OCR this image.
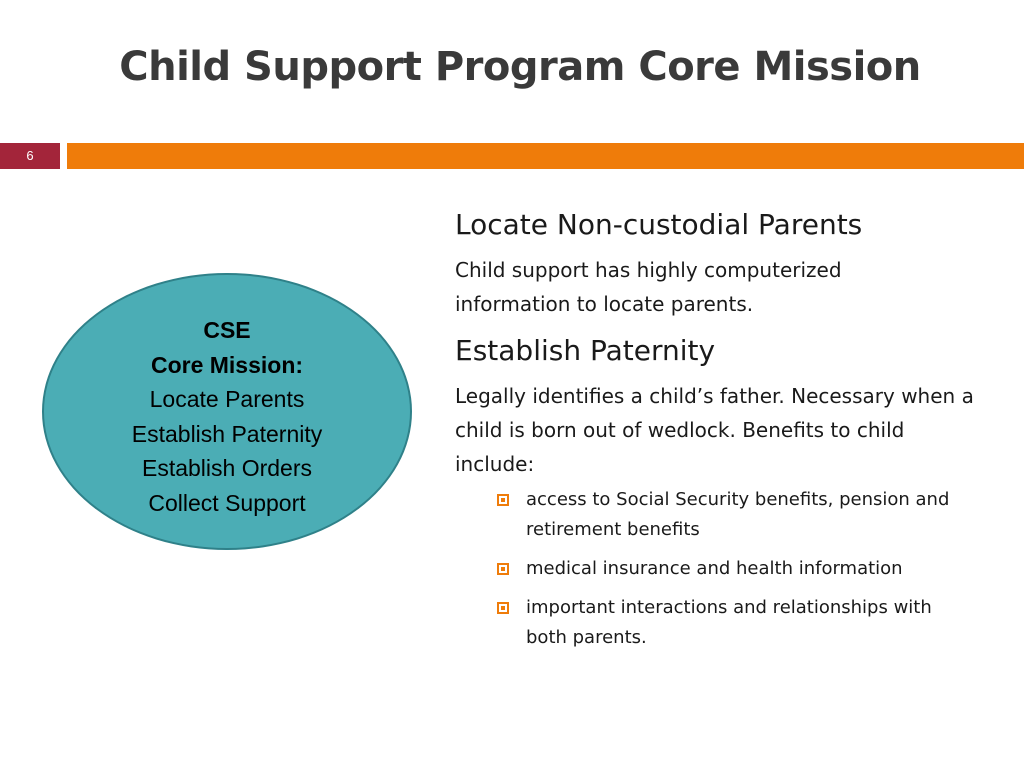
Child Support Program Core Mission
6
CSE
Core Mission:
Locate Parents
Establish Paternity
Establish Orders
Collect Support

Locate Non-custodial Parents

Child support has highly computerized information to locate parents.

Establish Paternity

Legally identifies a child’s father. Necessary when a child is born out of wedlock. Benefits to child include:

access to Social Security benefits, pension and retirement benefits
medical insurance and health information
important interactions and relationships with both parents.
